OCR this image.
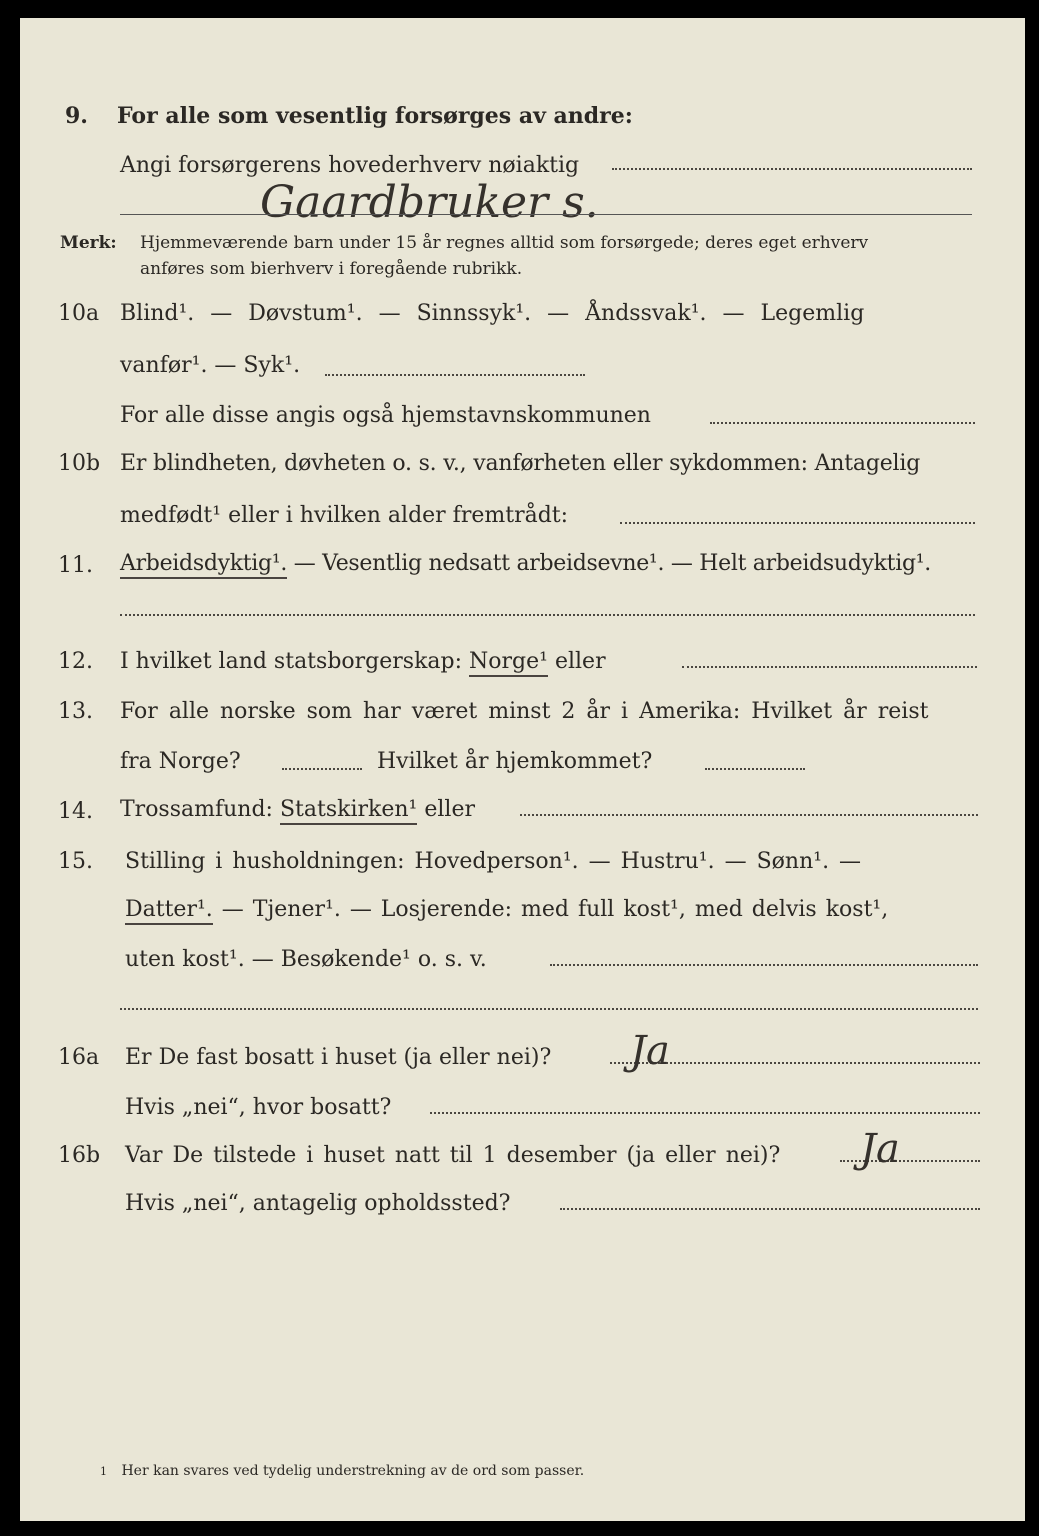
9. For alle som vesentlig forsørges av andre:
Angi forsørgerens hovederhverv nøiaktig
Gaardbruker s.
Merk: Hjemmeværende barn under 15 år regnes alltid som forsørgede; deres eget erhverv
anføres som bierhverv i foregående rubrikk.
10a Blind¹. — Døvstum¹. — Sinnssyk¹. — Åndssvak¹. — Legemlig
vanfør¹. — Syk¹.
For alle disse angis også hjemstavnskommunen
10b Er blindheten, døvheten o. s. v., vanførheten eller sykdommen: Antagelig
medfødt¹ eller i hvilken alder fremtrådt:
11. Arbeidsdyktig¹. — Vesentlig nedsatt arbeidsevne¹. — Helt arbeidsudyktig¹.
12. I hvilket land statsborgerskap: Norge¹ eller
13. For alle norske som har været minst 2 år i Amerika: Hvilket år reist
fra Norge?	Hvilket år hjemkommet?
14. Trossamfund: Statskirken¹ eller
15. Stilling i husholdningen: Hovedperson¹. — Hustru¹. — Sønn¹. —
Datter¹. — Tjener¹. — Losjerende: med full kost¹, med delvis kost¹,
uten kost¹. — Besøkende¹ o. s. v.
16a Er De fast bosatt i huset (ja eller nei)? Ja
Hvis „nei“, hvor bosatt?
16b Var De tilstede i huset natt til 1 desember (ja eller nei)? Ja
Hvis „nei“, antagelig opholdssted?
1 Her kan svares ved tydelig understrekning av de ord som passer.
